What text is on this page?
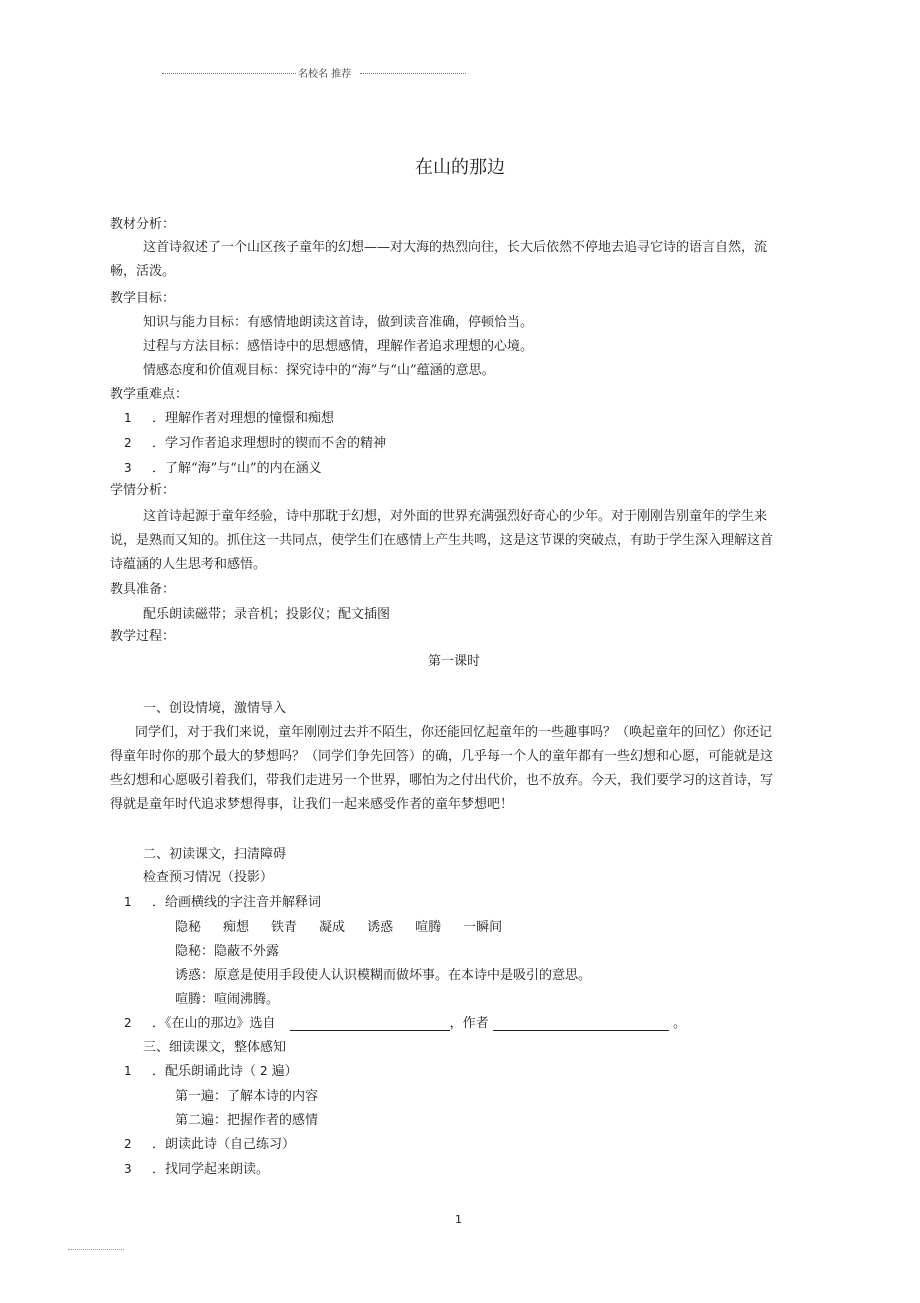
名校名 推荐
在山的那边
教材分析：
这首诗叙述了一个山区孩子童年的幻想——对大海的热烈向往，长大后依然不停地去追寻它诗的语言自然，流畅，活泼。
教学目标：
知识与能力目标：有感情地朗读这首诗，做到读音准确，停顿恰当。
过程与方法目标：感悟诗中的思想感情，理解作者追求理想的心境。
情感态度和价值观目标：探究诗中的“海”与“山”蕴涵的意思。
教学重难点：
1 ．理解作者对理想的憧憬和痴想
2 ．学习作者追求理想时的锲而不舍的精神
3 ．了解“海”与“山”的内在涵义
学情分析：
这首诗起源于童年经验，诗中那耽于幻想，对外面的世界充满强烈好奇心的少年。对于刚刚告别童年的学生来说，是熟而又知的。抓住这一共同点，使学生们在感情上产生共鸣，这是这节课的突破点，有助于学生深入理解这首诗蕴涵的人生思考和感悟。
教具准备：
配乐朗读磁带；录音机；投影仪；配文插图
教学过程：
第一课时
一、创设情境，激情导入
同学们，对于我们来说，童年刚刚过去并不陌生，你还能回忆起童年的一些趣事吗？（唤起童年的回忆）你还记得童年时你的那个最大的梦想吗？（同学们争先回答）的确，几乎每一个人的童年都有一些幻想和心愿，可能就是这些幻想和心愿吸引着我们，带我们走进另一个世界，哪怕为之付出代价，也不放弃。今天，我们要学习的这首诗，写得就是童年时代追求梦想得事，让我们一起来感受作者的童年梦想吧！
二、初读课文，扫清障碍
检查预习情况（投影）
1 ．给画横线的字注音并解释词
隐秘 痴想 铁青 凝成 诱惑 喧腾 一瞬间
隐秘：隐蔽不外露
诱惑：原意是使用手段使人认识模糊而做坏事。在本诗中是吸引的意思。
喧腾：喧闹沸腾。
2 ．《在山的那边》选自	，作者	。
三、细读课文，整体感知
1 ．配乐朗诵此诗（ 2 遍）
第一遍：了解本诗的内容
第二遍：把握作者的感情
2 ．朗读此诗（自己练习）
3 ．找同学起来朗读。
1
